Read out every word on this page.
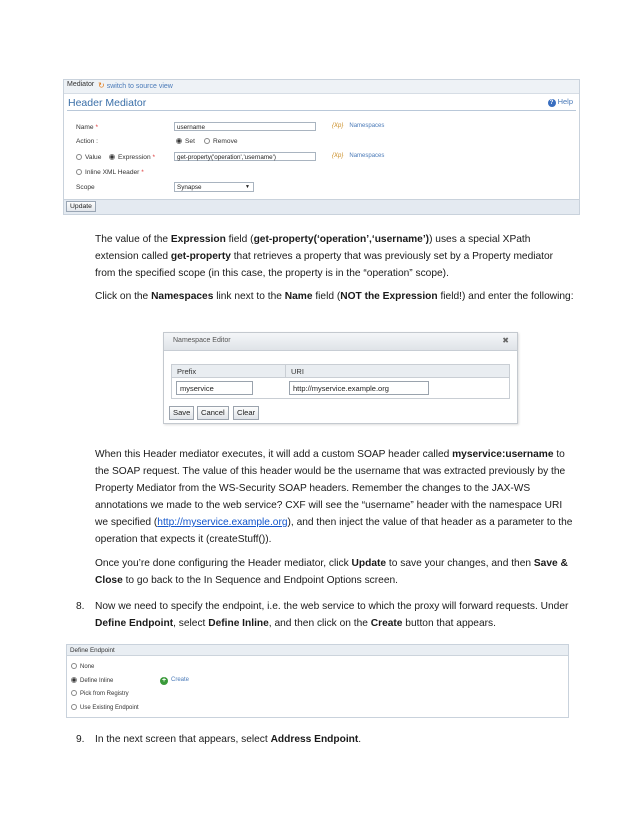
Mediator ↻ switch to source view
Header Mediator	? Help
Name *	username	{Xp} Namespaces
Action :	Set	Remove
Value	Expression *	get-property('operation','username')	{Xp} Namespaces
Inline XML Header *
Scope	Synapse	▼
Update
The value of the Expression field (get-property(‘operation’,‘username’)) uses a special XPath extension called get-property that retrieves a property that was previously set by a Property mediator from the specified scope (in this case, the property is in the “operation” scope).
Click on the Namespaces link next to the Name field (NOT the Expression field!) and enter the following:
Namespace Editor	✖
Prefix	URI
myservice	http://myservice.example.org
Save	Cancel	Clear
When this Header mediator executes, it will add a custom SOAP header called myservice:username to the SOAP request. The value of this header would be the username that was extracted previously by the Property Mediator from the WS-Security SOAP headers. Remember the changes to the JAX-WS annotations we made to the web service? CXF will see the “username” header with the namespace URI we specified (http://myservice.example.org), and then inject the value of that header as a parameter to the operation that expects it (createStuff()).
Once you’re done configuring the Header mediator, click Update to save your changes, and then Save & Close to go back to the In Sequence and Endpoint Options screen.
8. Now we need to specify the endpoint, i.e. the web service to which the proxy will forward requests. Under Define Endpoint, select Define Inline, and then click on the Create button that appears.
Define Endpoint
None
Define Inline
Pick from Registry
Use Existing Endpoint
+ Create
9. In the next screen that appears, select Address Endpoint.
